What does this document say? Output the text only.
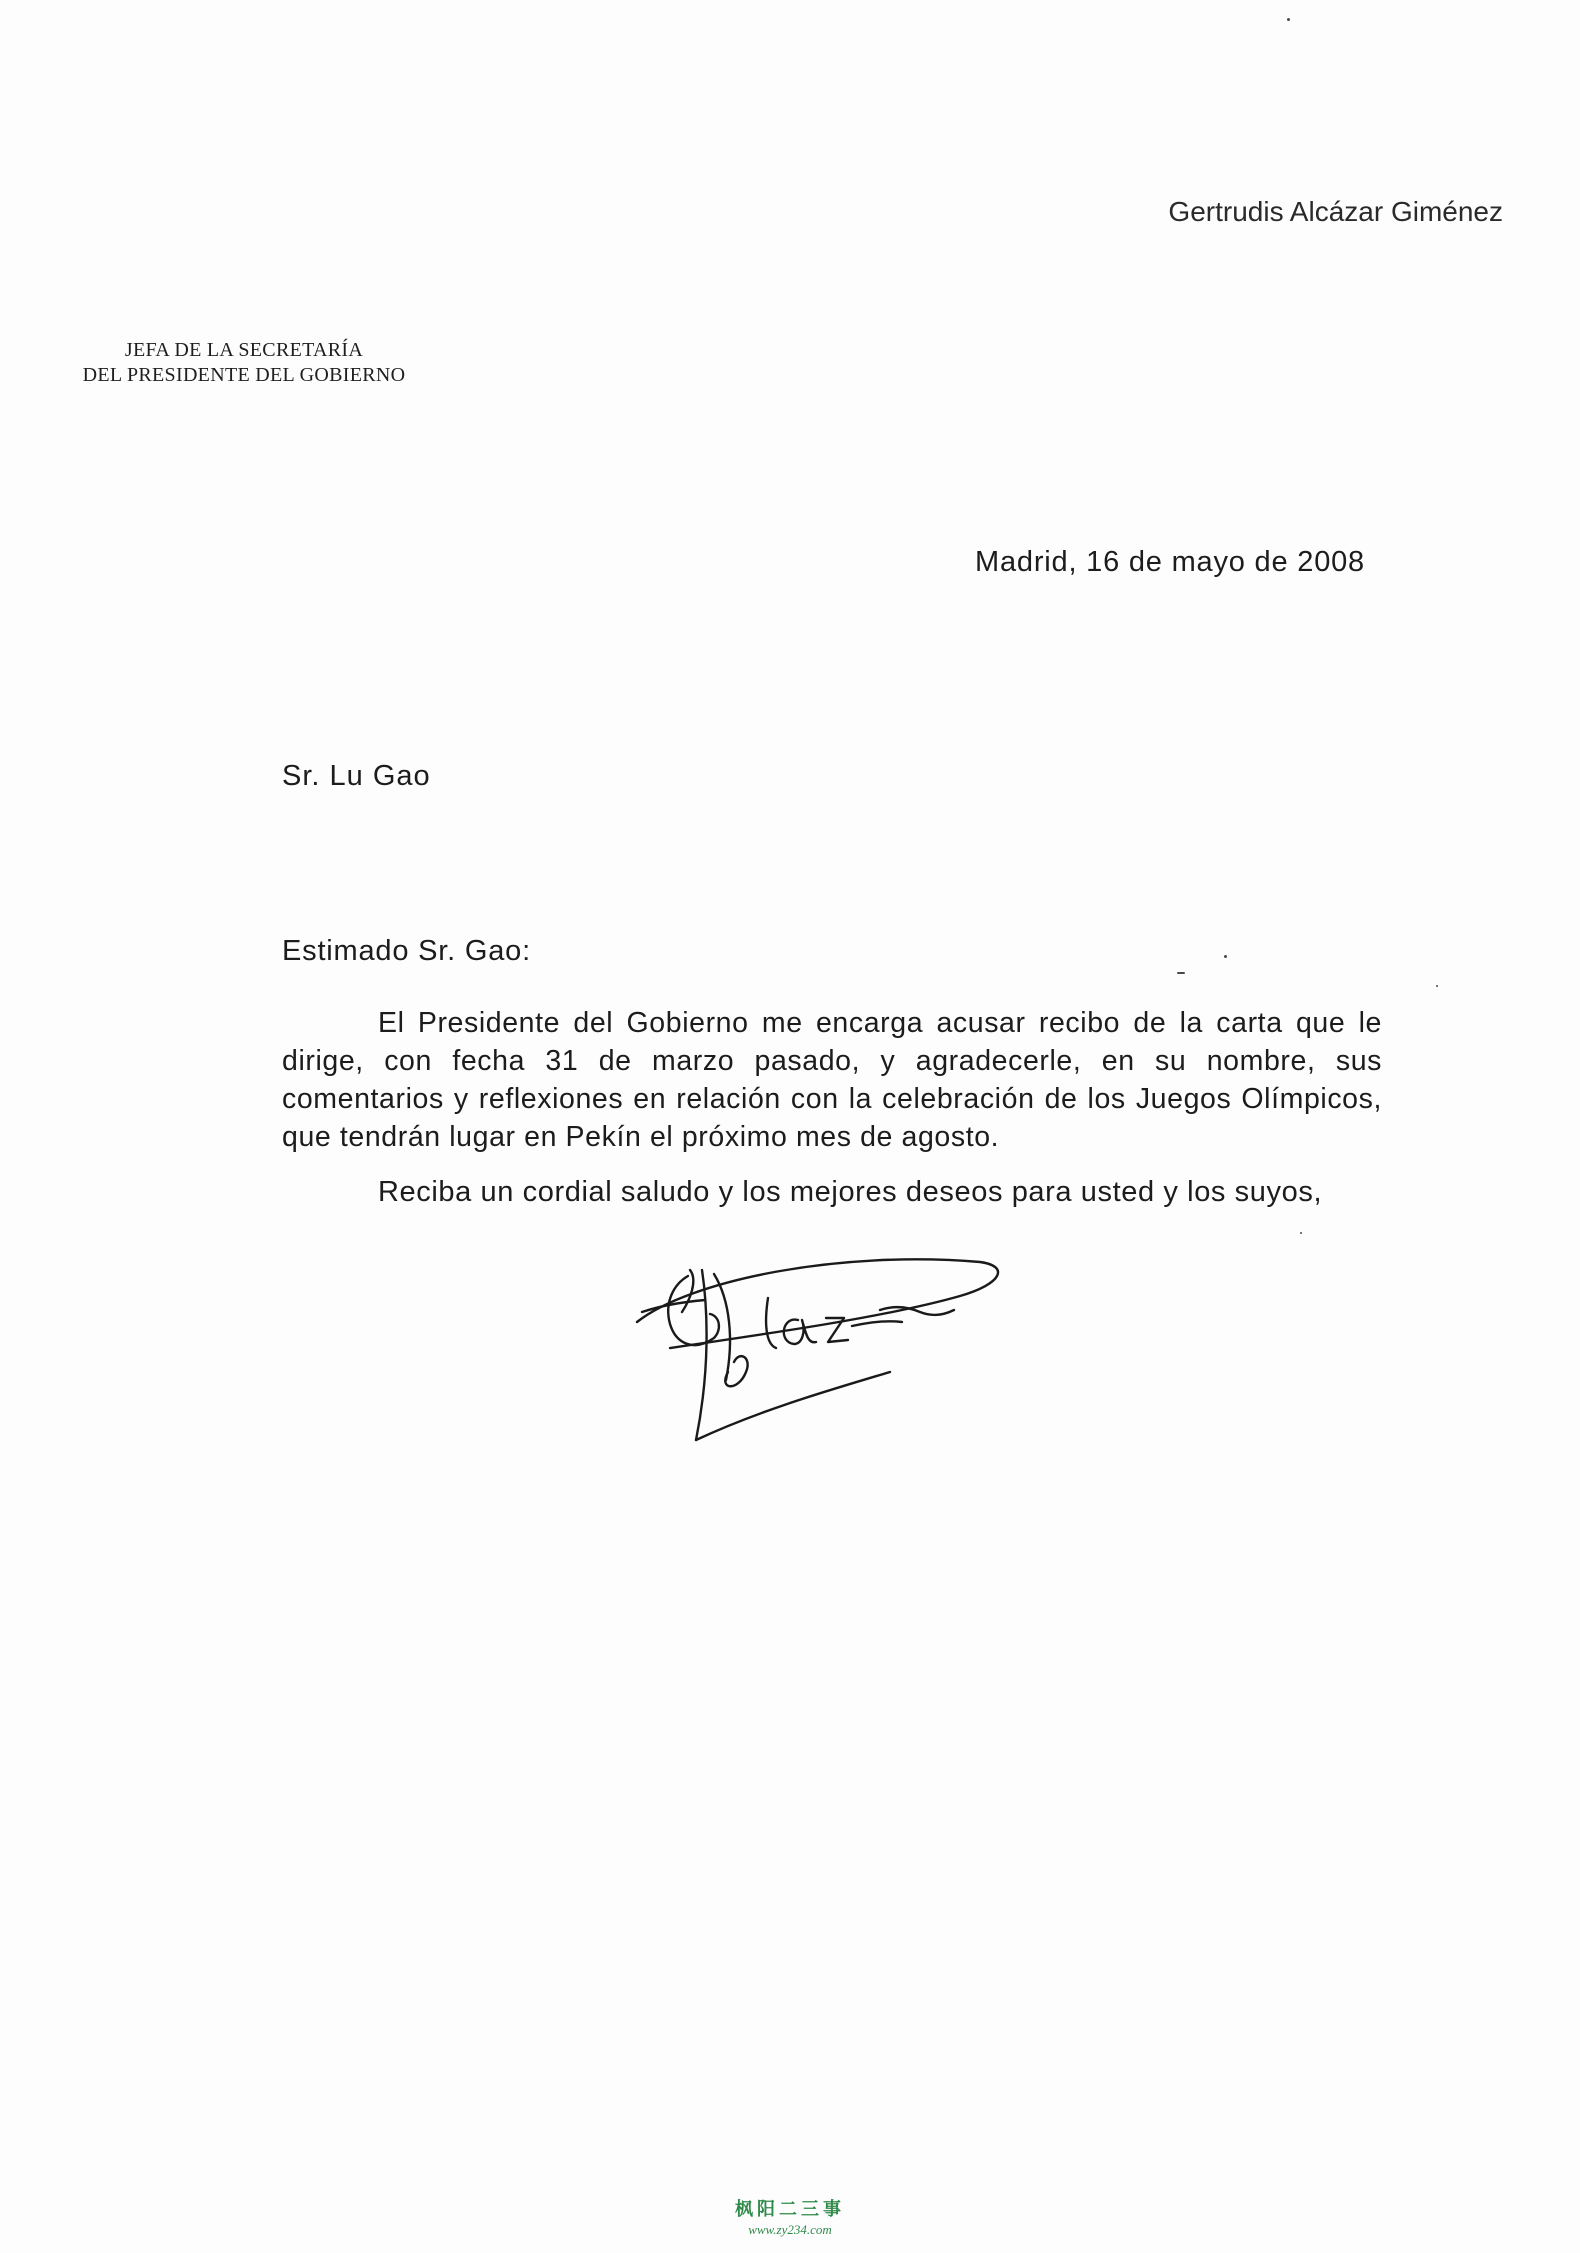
Gertrudis Alcázar Giménez
JEFA DE LA SECRETARÍA
DEL PRESIDENTE DEL GOBIERNO
Madrid, 16 de mayo de 2008
Sr. Lu Gao
Estimado Sr. Gao:

El Presidente del Gobierno me encarga acusar recibo de la carta que le
dirige, con fecha 31 de marzo pasado, y agradecerle, en su nombre, sus
comentarios y reflexiones en relación con la celebración de los Juegos Olímpicos,
que tendrán lugar en Pekín el próximo mes de agosto.

Reciba un cordial saludo y los mejores deseos para usted y los suyos,
枫阳二三事
www.zy234.com
